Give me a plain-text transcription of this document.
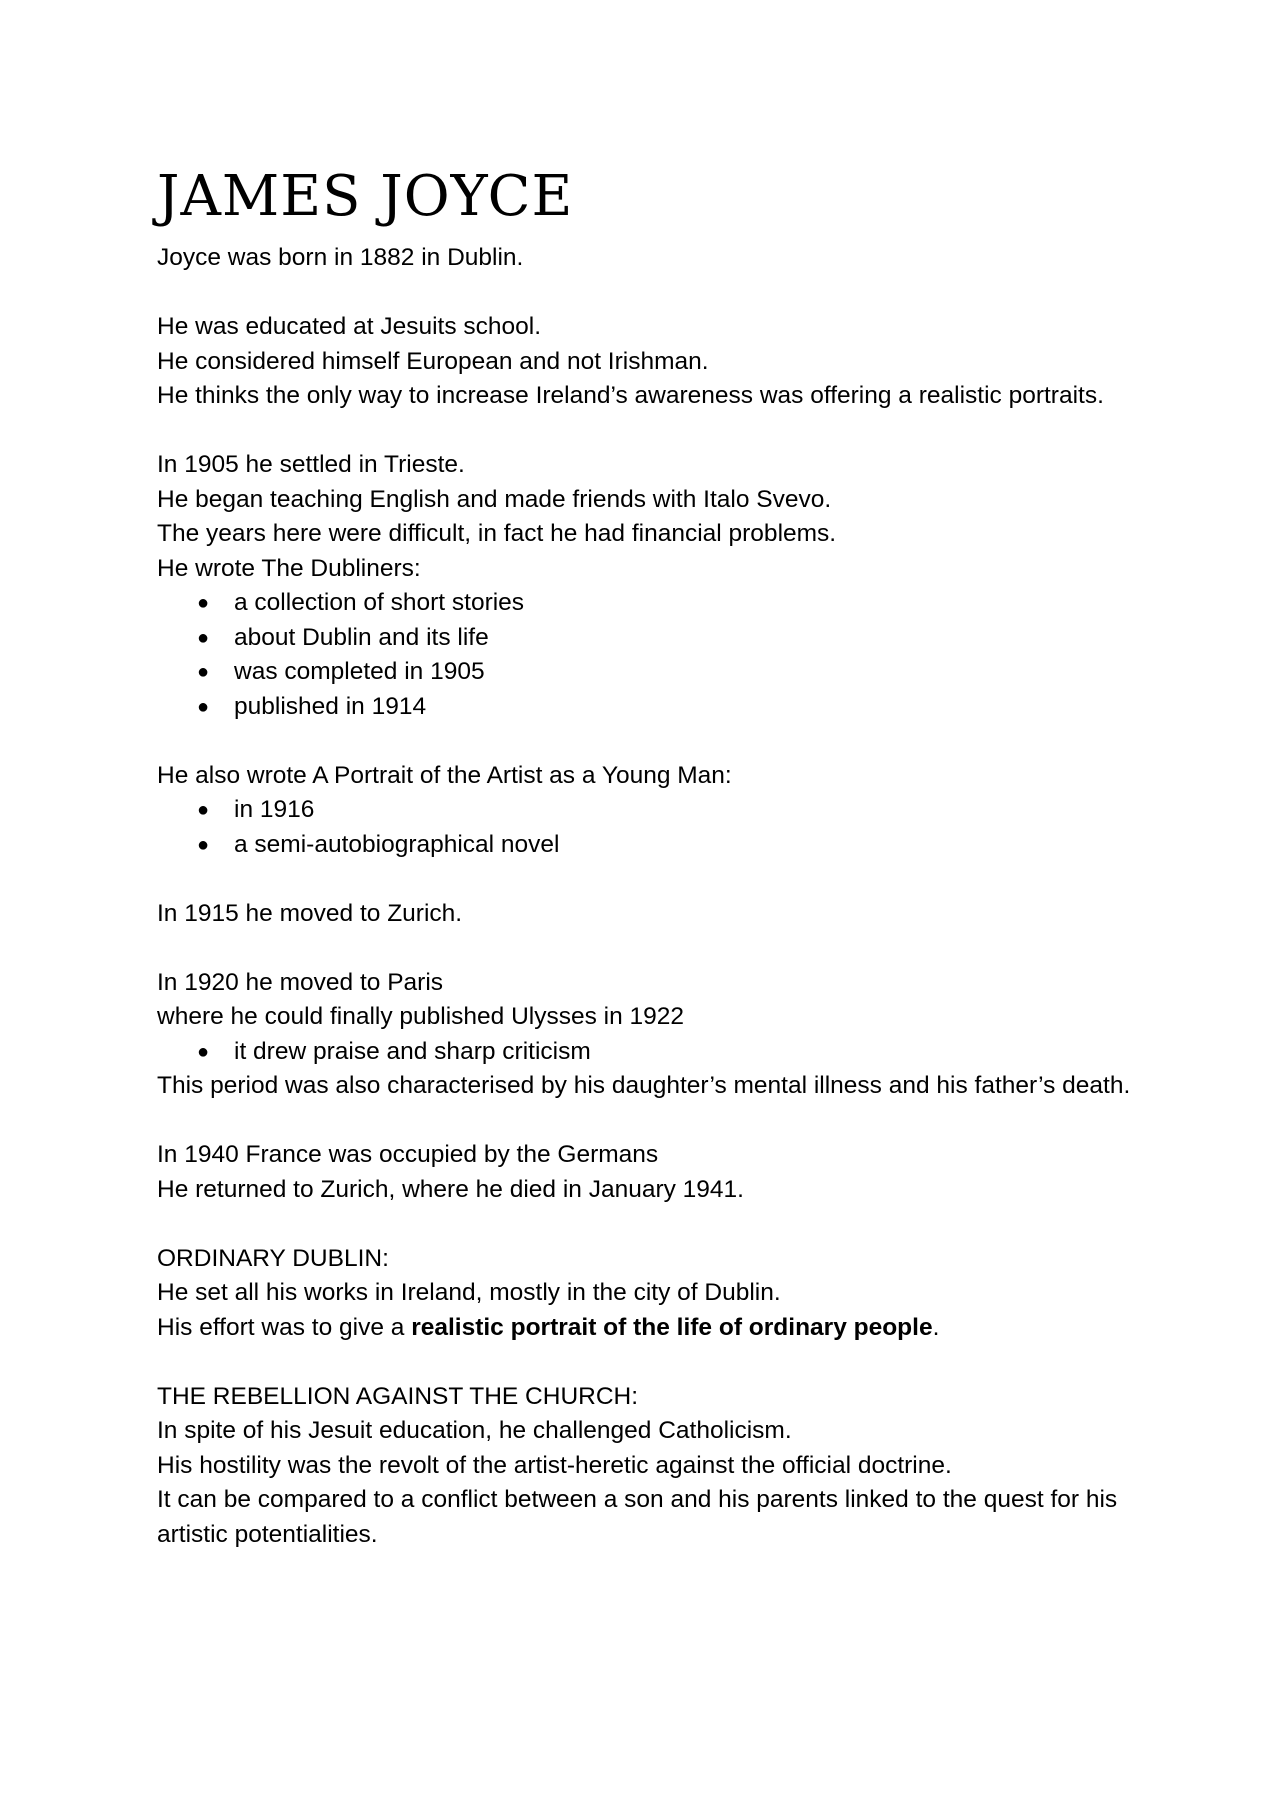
JAMES JOYCE

Joyce was born in 1882 in Dublin.

He was educated at Jesuits school.

He considered himself European and not Irishman.

He thinks the only way to increase Ireland’s awareness was offering a realistic portraits.

In 1905 he settled in Trieste.

He began teaching English and made friends with Italo Svevo.

The years here were difficult, in fact he had financial problems.

He wrote The Dubliners:

● a collection of short stories
● about Dublin and its life
● was completed in 1905
● published in 1914

He also wrote A Portrait of the Artist as a Young Man:

● in 1916
● a semi-autobiographical novel

In 1915 he moved to Zurich.

In 1920 he moved to Paris

where he could finally published Ulysses in 1922

● it drew praise and sharp criticism

This period was also characterised by his daughter’s mental illness and his father’s death.

In 1940 France was occupied by the Germans

He returned to Zurich, where he died in January 1941.

ORDINARY DUBLIN:

He set all his works in Ireland, mostly in the city of Dublin.

His effort was to give a realistic portrait of the life of ordinary people.

THE REBELLION AGAINST THE CHURCH:

In spite of his Jesuit education, he challenged Catholicism.

His hostility was the revolt of the artist-heretic against the official doctrine.

It can be compared to a conflict between a son and his parents linked to the quest for his artistic potentialities.
